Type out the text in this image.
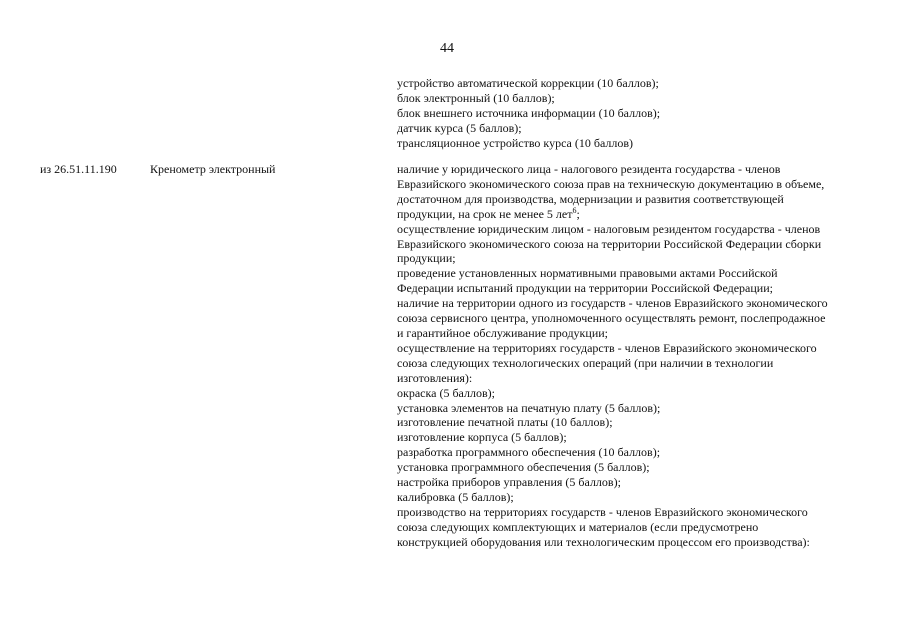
44
устройство автоматической коррекции (10 баллов);
блок электронный (10 баллов);
блок внешнего источника информации (10 баллов);
датчик курса (5 баллов);
трансляционное устройство курса (10 баллов)
из 26.51.11.190	Кренометр электронный	наличие у юридического лица - налогового резидента государства - членов
Евразийского экономического союза прав на техническую документацию в объеме,
достаточном для производства, модернизации и развития соответствующей
продукции, на срок не менее 5 лет$^6$;
осуществление юридическим лицом - налоговым резидентом государства - членов
Евразийского экономического союза на территории Российской Федерации сборки
продукции;
проведение установленных нормативными правовыми актами Российской
Федерации испытаний продукции на территории Российской Федерации;
наличие на территории одного из государств - членов Евразийского экономического
союза сервисного центра, уполномоченного осуществлять ремонт, послепродажное
и гарантийное обслуживание продукции;
осуществление на территориях государств - членов Евразийского экономического
союза следующих технологических операций (при наличии в технологии
изготовления):
окраска (5 баллов);
установка элементов на печатную плату (5 баллов);
изготовление печатной платы (10 баллов);
изготовление корпуса (5 баллов);
разработка программного обеспечения (10 баллов);
установка программного обеспечения (5 баллов);
настройка приборов управления (5 баллов);
калибровка (5 баллов);
производство на территориях государств - членов Евразийского экономического
союза следующих комплектующих и материалов (если предусмотрено
конструкцией оборудования или технологическим процессом его производства):
